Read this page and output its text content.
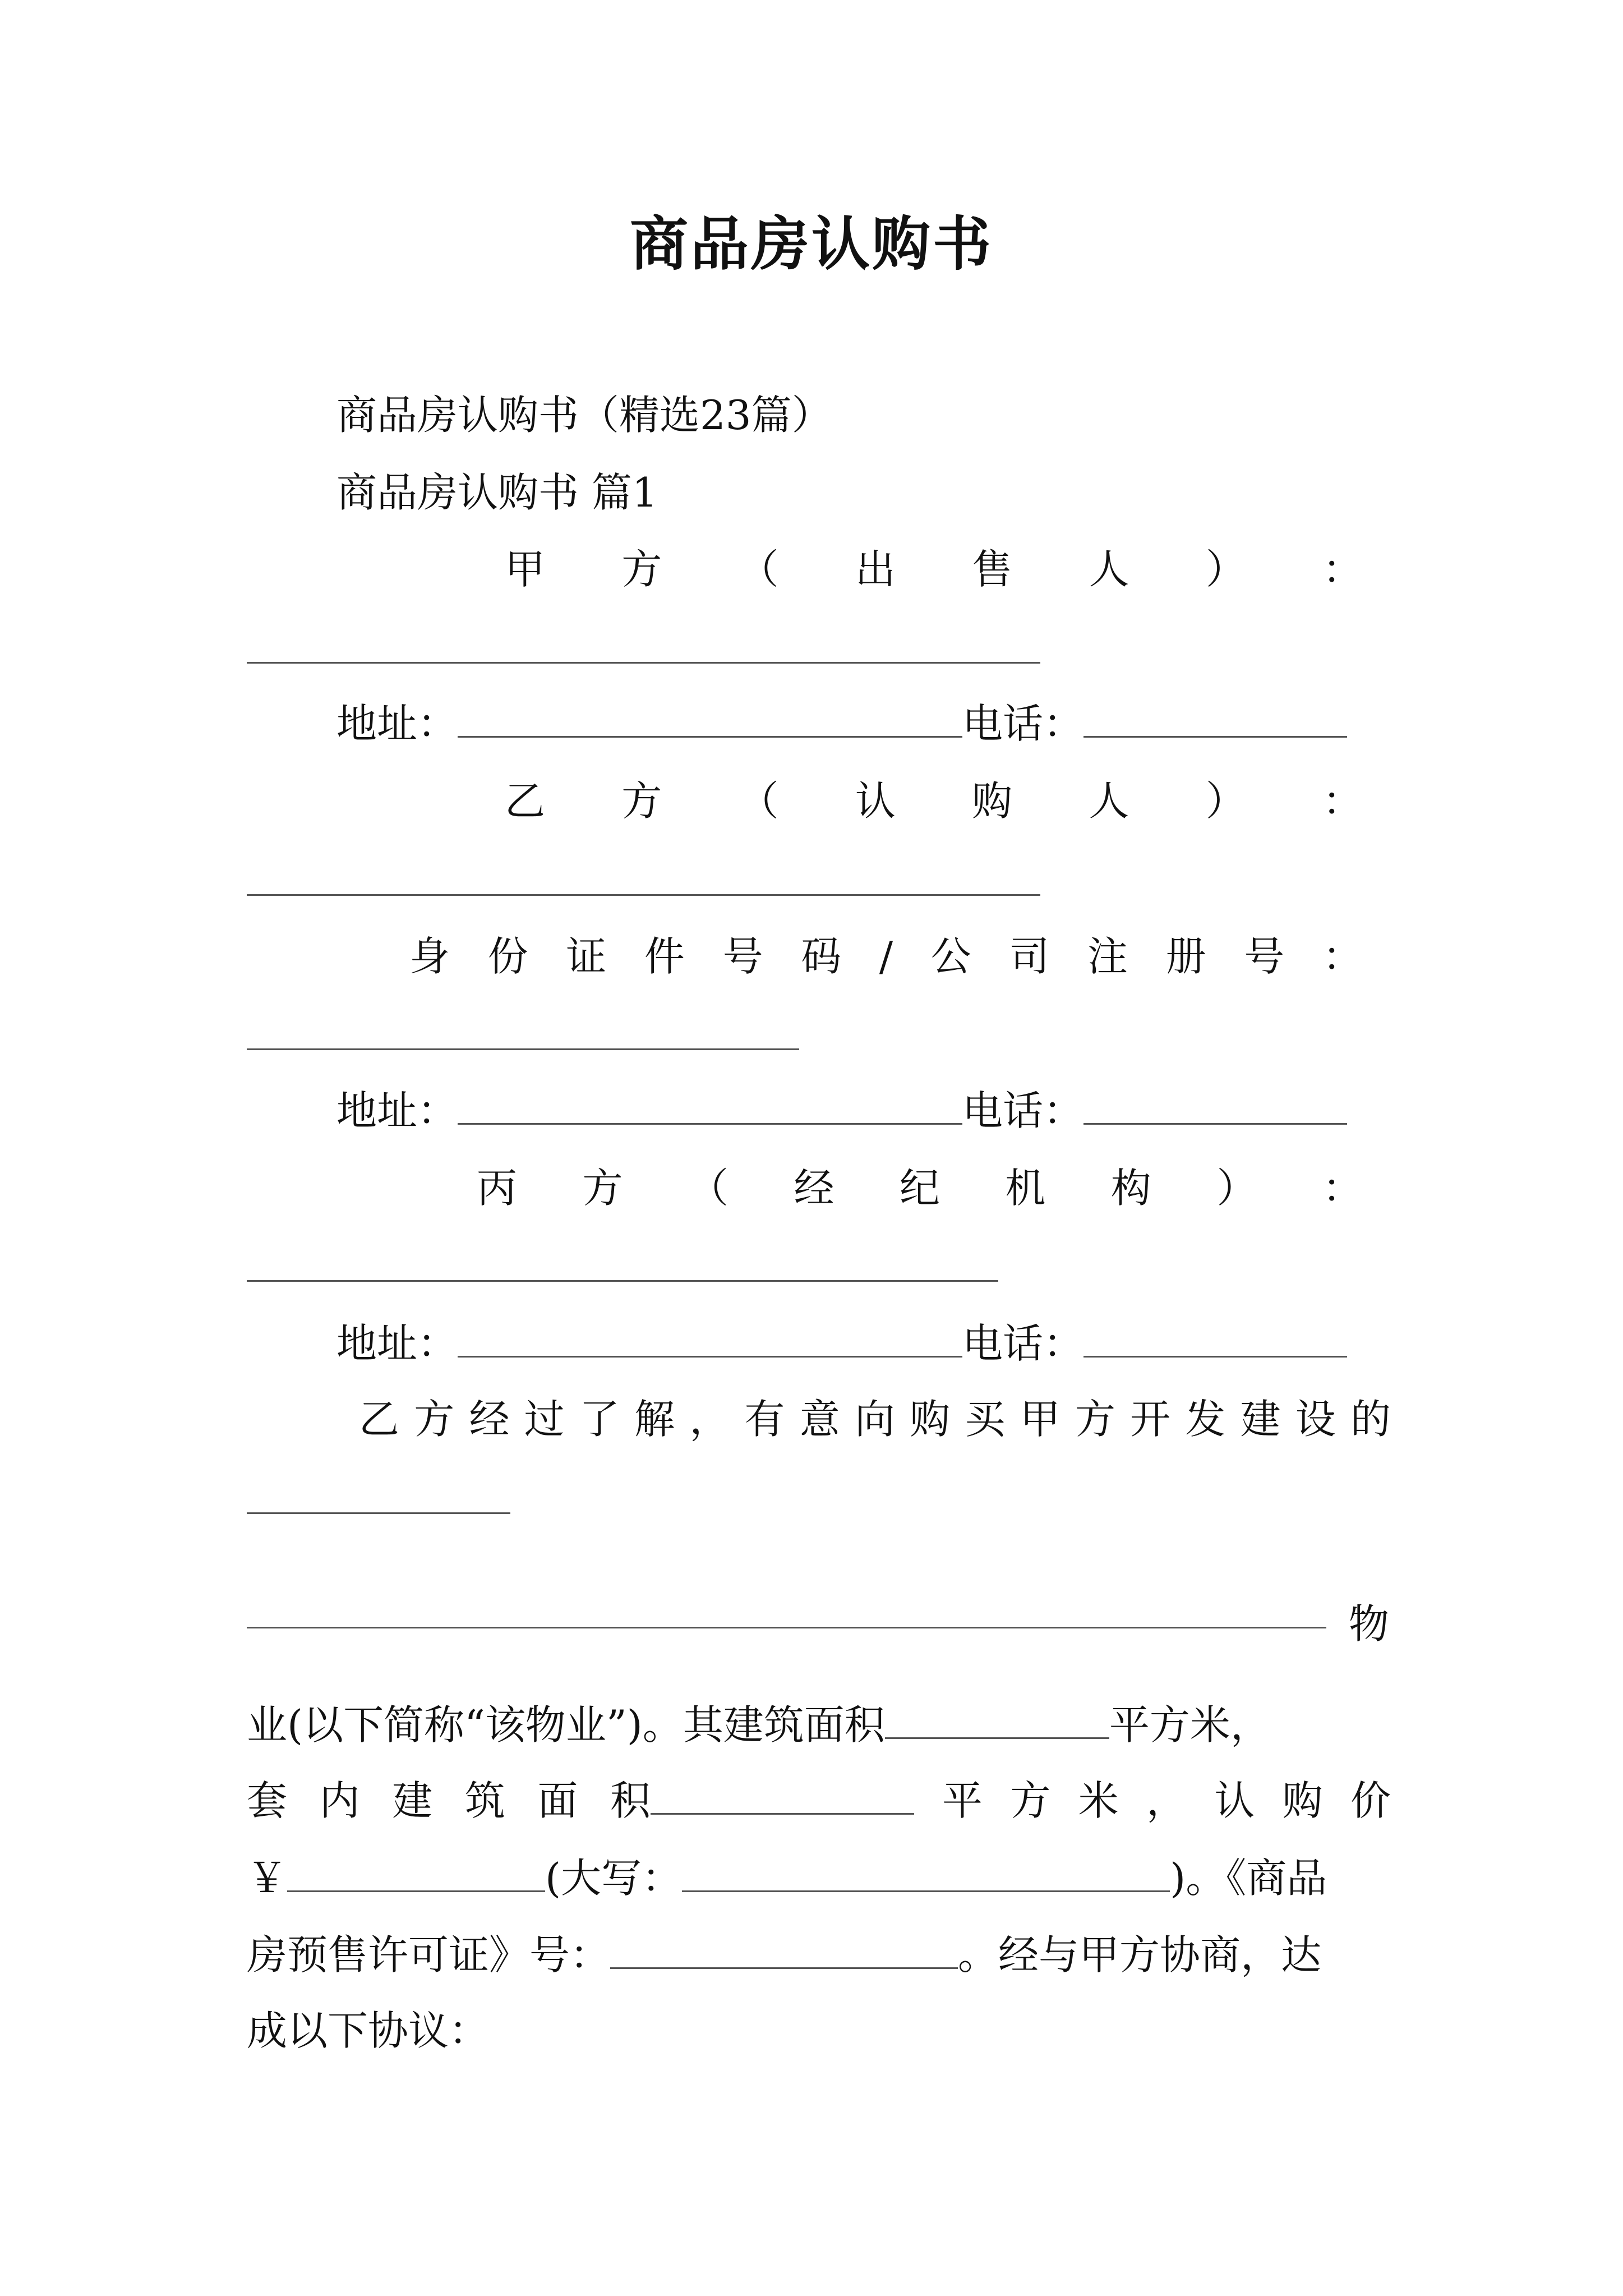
商品房认购书
商品房认购书（精选23篇）
商品房认购书 篇1
甲 方 （ 出 售 人 ） ：
地址：	电话：
乙 方 （ 认 购 人 ） ：
身 份 证 件 号 码 / 公 司 注 册 号 ：
地址：	电话：
丙 方 （ 经 纪 机 构 ） ：
地址：	电话：
乙 方 经 过 了 解 ， 有 意 向 购 买 甲 方 开 发 建 设 的
物
业(以下简称“该物业”)。其建筑面积	平方米，
套 内 建 筑 面 积	平 方 米 ， 认 购 价
￥	(大写：	)。《商品
房预售许可证》号：	。经与甲方协商，达
成以下协议：
